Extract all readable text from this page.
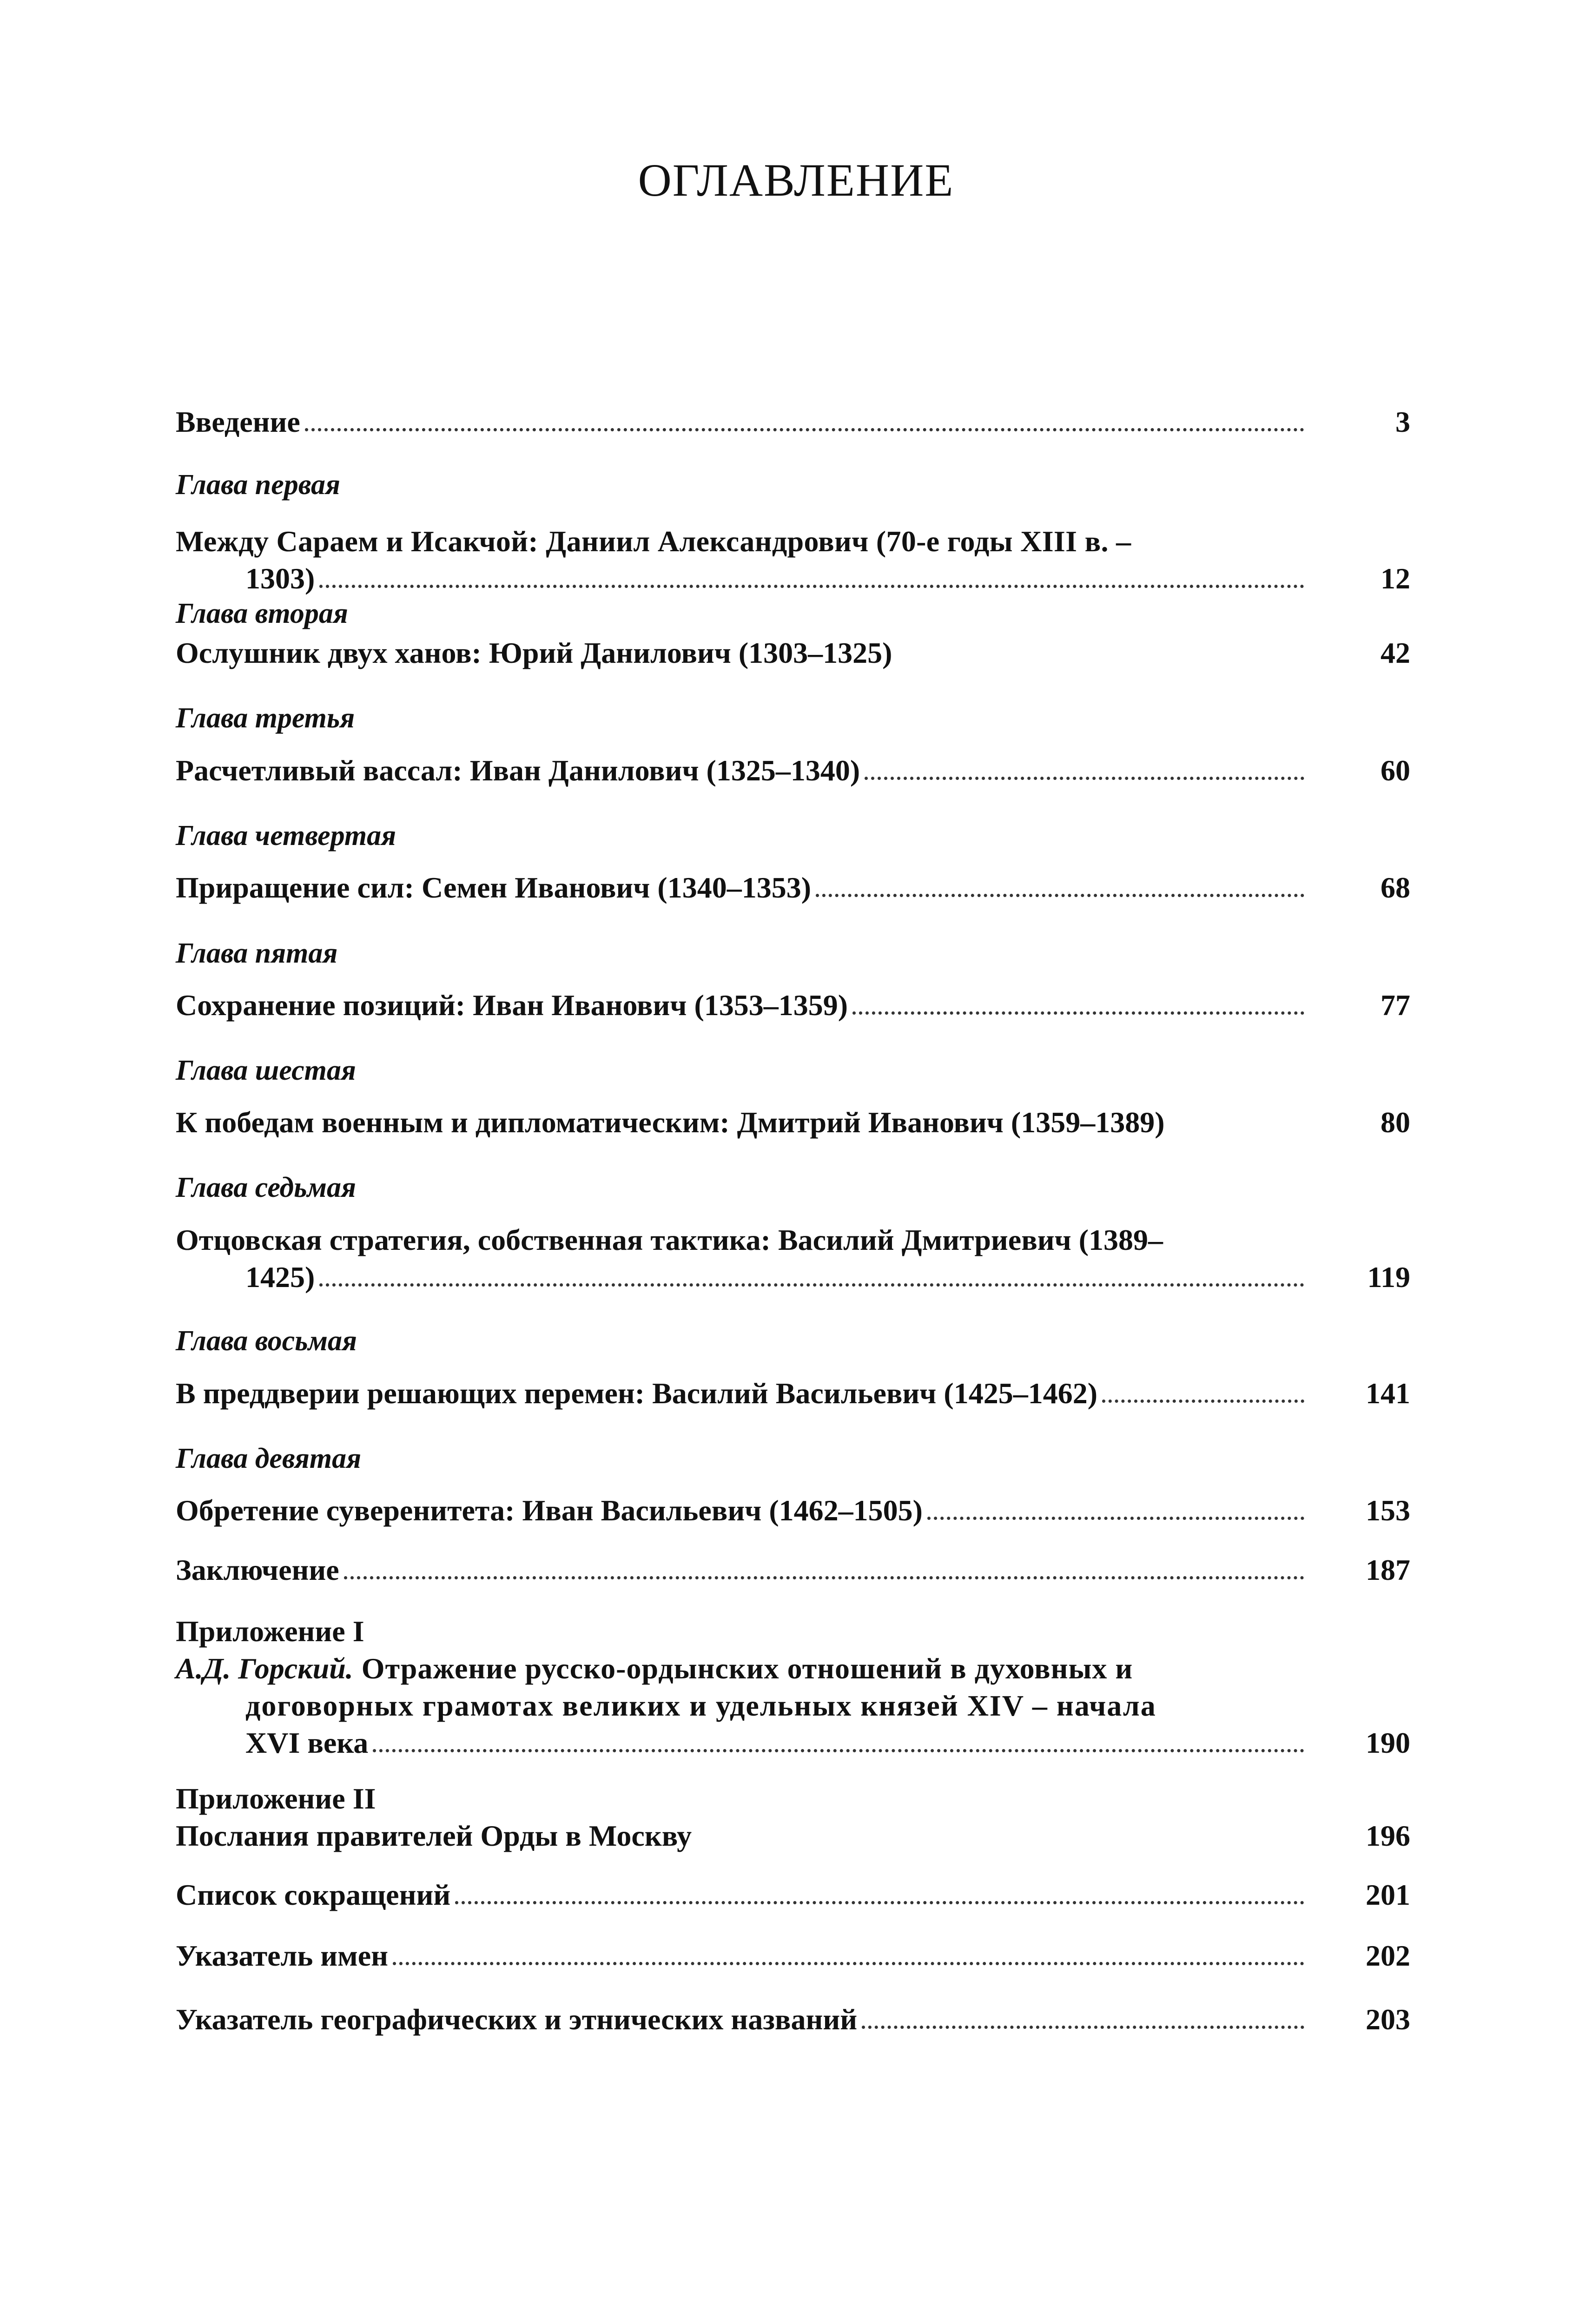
ОГЛАВЛЕНИЕ
Введение	3
Глава первая
Между Сараем и Исакчой: Даниил Александрович (70-е годы XIII в. –
1303)	12
Глава вторая
Ослушник двух ханов: Юрий Данилович (1303–1325)	42
Глава третья
Расчетливый вассал: Иван Данилович (1325–1340)	60
Глава четвертая
Приращение сил: Семен Иванович (1340–1353)	68
Глава пятая
Сохранение позиций: Иван Иванович (1353–1359)	77
Глава шестая
К победам военным и дипломатическим: Дмитрий Иванович (1359–1389)	80
Глава седьмая
Отцовская стратегия, собственная тактика: Василий Дмитриевич (1389–
1425)	119
Глава восьмая
В преддверии решающих перемен: Василий Васильевич (1425–1462)	141
Глава девятая
Обретение суверенитета: Иван Васильевич (1462–1505)	153
Заключение	187
Приложение I
А.Д. Горский. Отражение русско-ордынских отношений в духовных и
договорных грамотах великих и удельных князей XIV – начала
XVI века	190
Приложение II
Послания правителей Орды в Москву	196
Список сокращений	201
Указатель имен	202
Указатель географических и этнических названий	203
